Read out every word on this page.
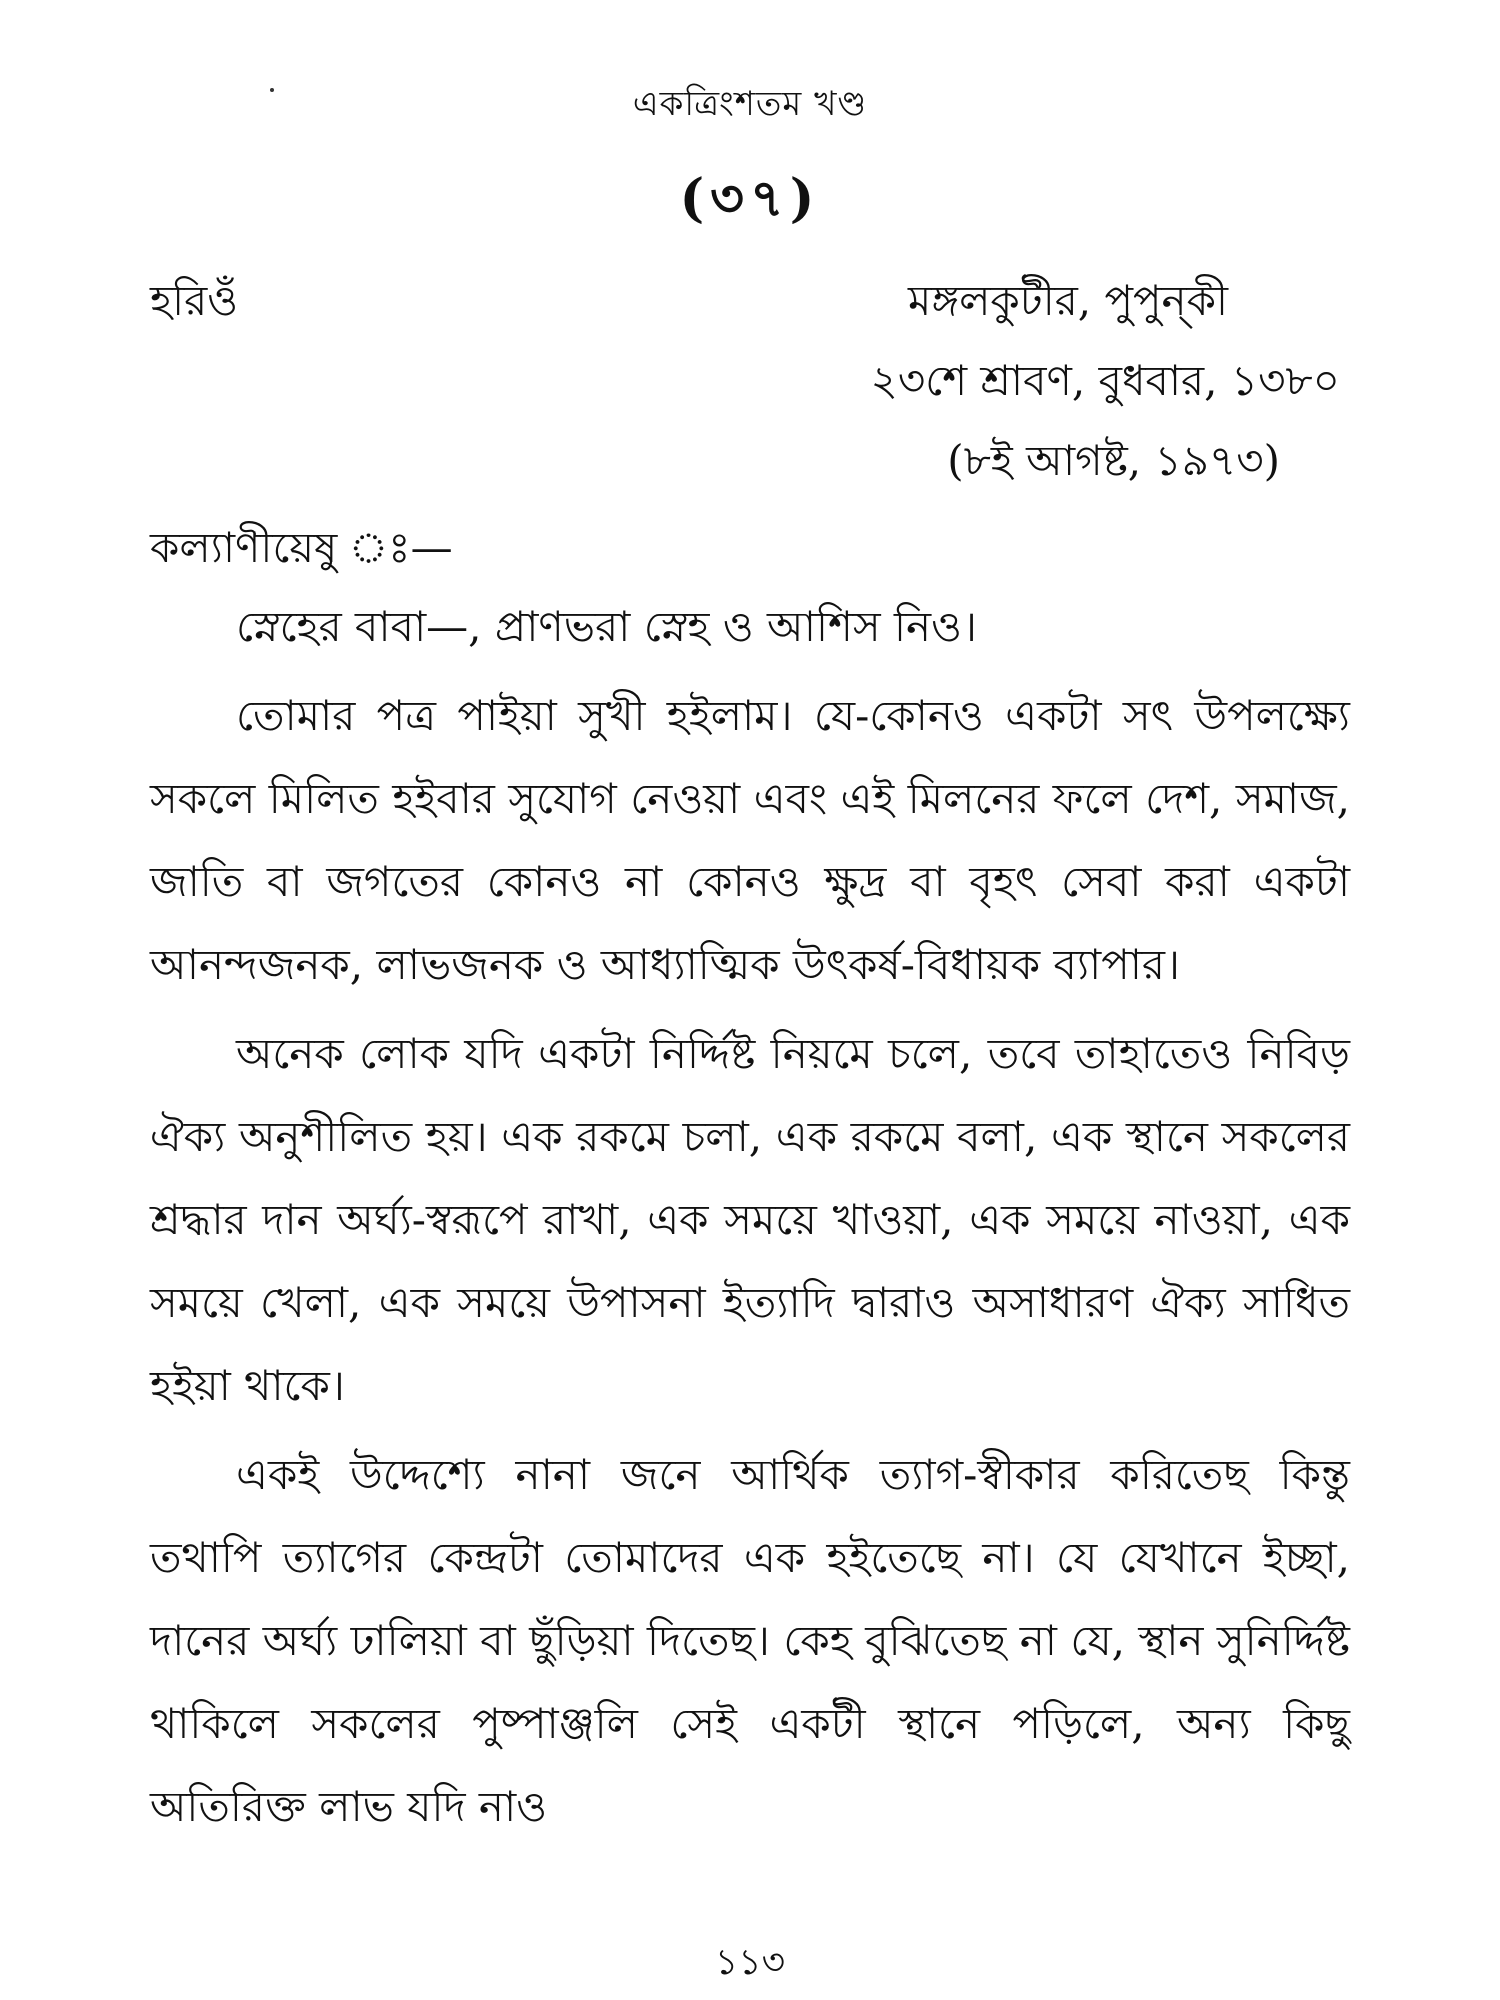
একত্রিংশতম খণ্ড
(৩৭)
হরিওঁ	মঙ্গলকুটীর, পুপুন্‌কী
২৩শে শ্রাবণ, বুধবার, ১৩৮০
(৮ই আগষ্ট, ১৯৭৩)
কল্যাণীয়েষু ঃ—

স্নেহের বাবা—, প্রাণভরা স্নেহ ও আশিস নিও।

তোমার পত্র পাইয়া সুখী হইলাম। যে-কোনও একটা সৎ উপলক্ষ্যে সকলে মিলিত হইবার সুযোগ নেওয়া এবং এই মিলনের ফলে দেশ, সমাজ, জাতি বা জগতের কোনও না কোনও ক্ষুদ্র বা বৃহৎ সেবা করা একটা আনন্দজনক, লাভজনক ও আধ্যাত্মিক উৎকর্ষ-বিধায়ক ব্যাপার।

অনেক লোক যদি একটা নির্দ্দিষ্ট নিয়মে চলে, তবে তাহাতেও নিবিড় ঐক্য অনুশীলিত হয়। এক রকমে চলা, এক রকমে বলা, এক স্থানে সকলের শ্রদ্ধার দান অর্ঘ্য-স্বরূপে রাখা, এক সময়ে খাওয়া, এক সময়ে নাওয়া, এক সময়ে খেলা, এক সময়ে উপাসনা ইত্যাদি দ্বারাও অসাধারণ ঐক্য সাধিত হইয়া থাকে।

একই উদ্দেশ্যে নানা জনে আর্থিক ত্যাগ-স্বীকার করিতেছ কিন্তু তথাপি ত্যাগের কেন্দ্রটা তোমাদের এক হইতেছে না। যে যেখানে ইচ্ছা, দানের অর্ঘ্য ঢালিয়া বা ছুঁড়িয়া দিতেছ। কেহ বুঝিতেছ না যে, স্থান সুনির্দ্দিষ্ট থাকিলে সকলের পুষ্পাঞ্জলি সেই একটী স্থানে পড়িলে, অন্য কিছু অতিরিক্ত লাভ যদি নাও

১১৩
